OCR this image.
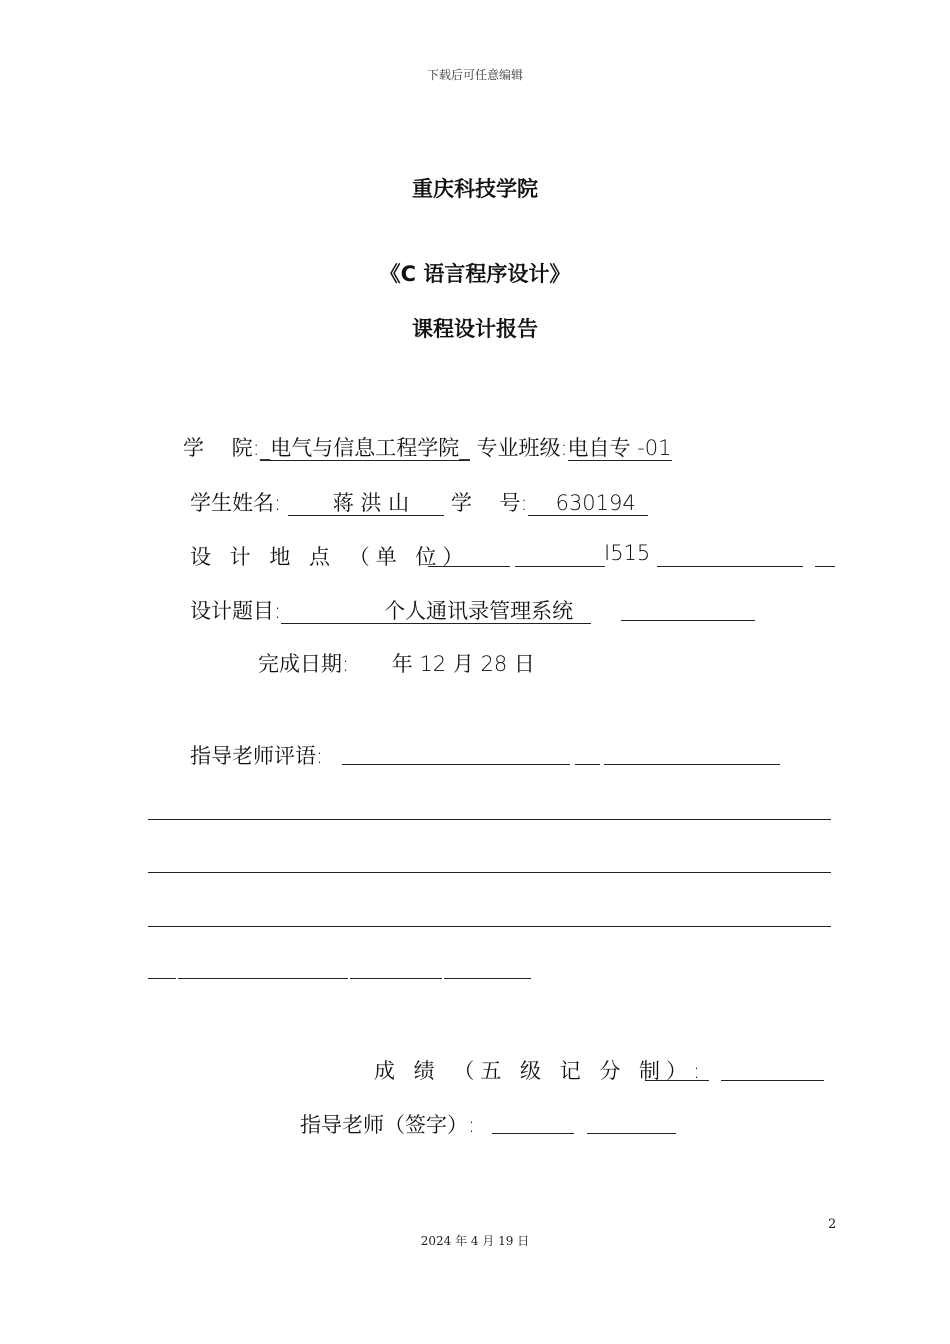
下载后可任意编辑
重庆科技学院
《C 语言程序设计》
课程设计报告
学　 院:_电气与信息工程学院_ 专业班级:电自专 -01
学生姓名: 蒋 洪 山 学　 号: 630194
设 计 地 点 （单 位）	I515
设计题目:	个人通讯录管理系统
完成日期: 年 12 月 28 日
指导老师评语:
成 绩 （五 级 记 分 制）:
指导老师（签字）:
2
2024 年 4 月 19 日
